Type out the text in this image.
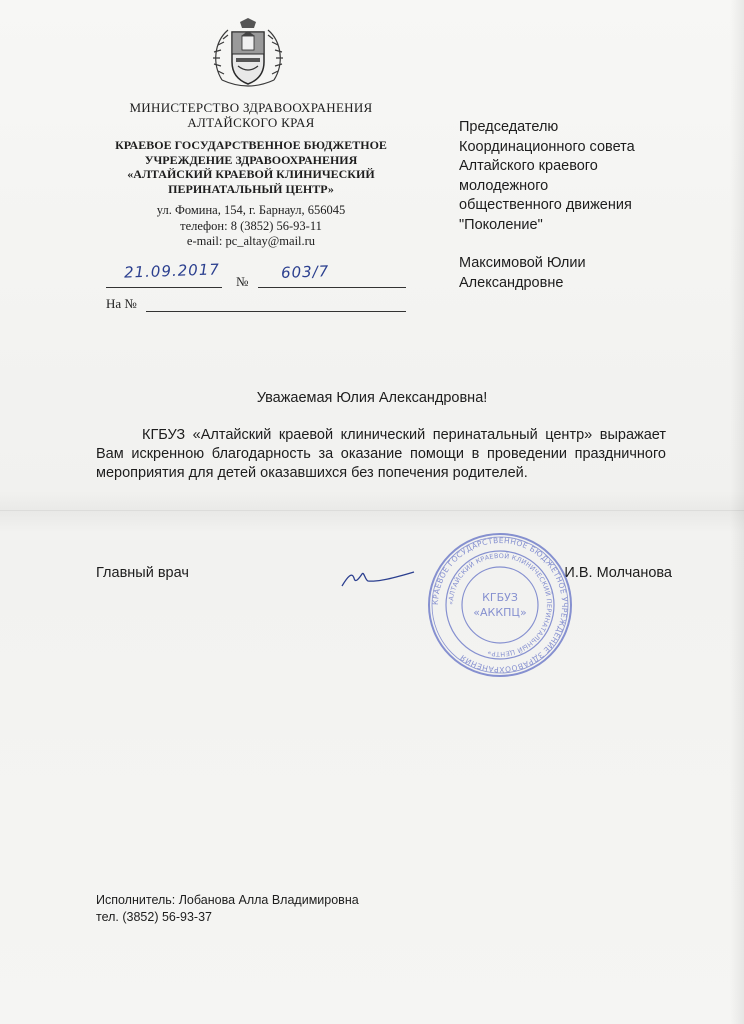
МИНИСТЕРСТВО ЗДРАВООХРАНЕНИЯ
АЛТАЙСКОГО КРАЯ
КРАЕВОЕ ГОСУДАРСТВЕННОЕ БЮДЖЕТНОЕ
УЧРЕЖДЕНИЕ ЗДРАВООХРАНЕНИЯ
«АЛТАЙСКИЙ КРАЕВОЙ КЛИНИЧЕСКИЙ
ПЕРИНАТАЛЬНЫЙ ЦЕНТР»
ул. Фомина, 154, г. Барнаул, 656045
телефон: 8 (3852) 56-93-11
e-mail: pc_altay@mail.ru
№
21.09.2017	603/7
На №
Председателю
Координационного совета
Алтайского краевого
молодежного
общественного движения
"Поколение"
Максимовой Юлии
Александровне
Уважаемая Юлия Александровна!
КГБУЗ «Алтайский краевой клинический перинатальный центр» выражает Вам искренною благодарность за оказание помощи в проведении праздничного мероприятия для детей оказавшихся без попечения родителей.
Главный врач	И.В. Молчанова
КРАЕВОЕ ГОСУДАРСТВЕННОЕ БЮДЖЕТНОЕ УЧРЕЖДЕНИЕ ЗДРАВООХРАНЕНИЯ
«АЛТАЙСКИЙ КРАЕВОЙ КЛИНИЧЕСКИЙ ПЕРИНАТАЛЬНЫЙ ЦЕНТР»
КГБУЗ
«АККПЦ»
Исполнитель: Лобанова Алла Владимировна
тел. (3852) 56-93-37
